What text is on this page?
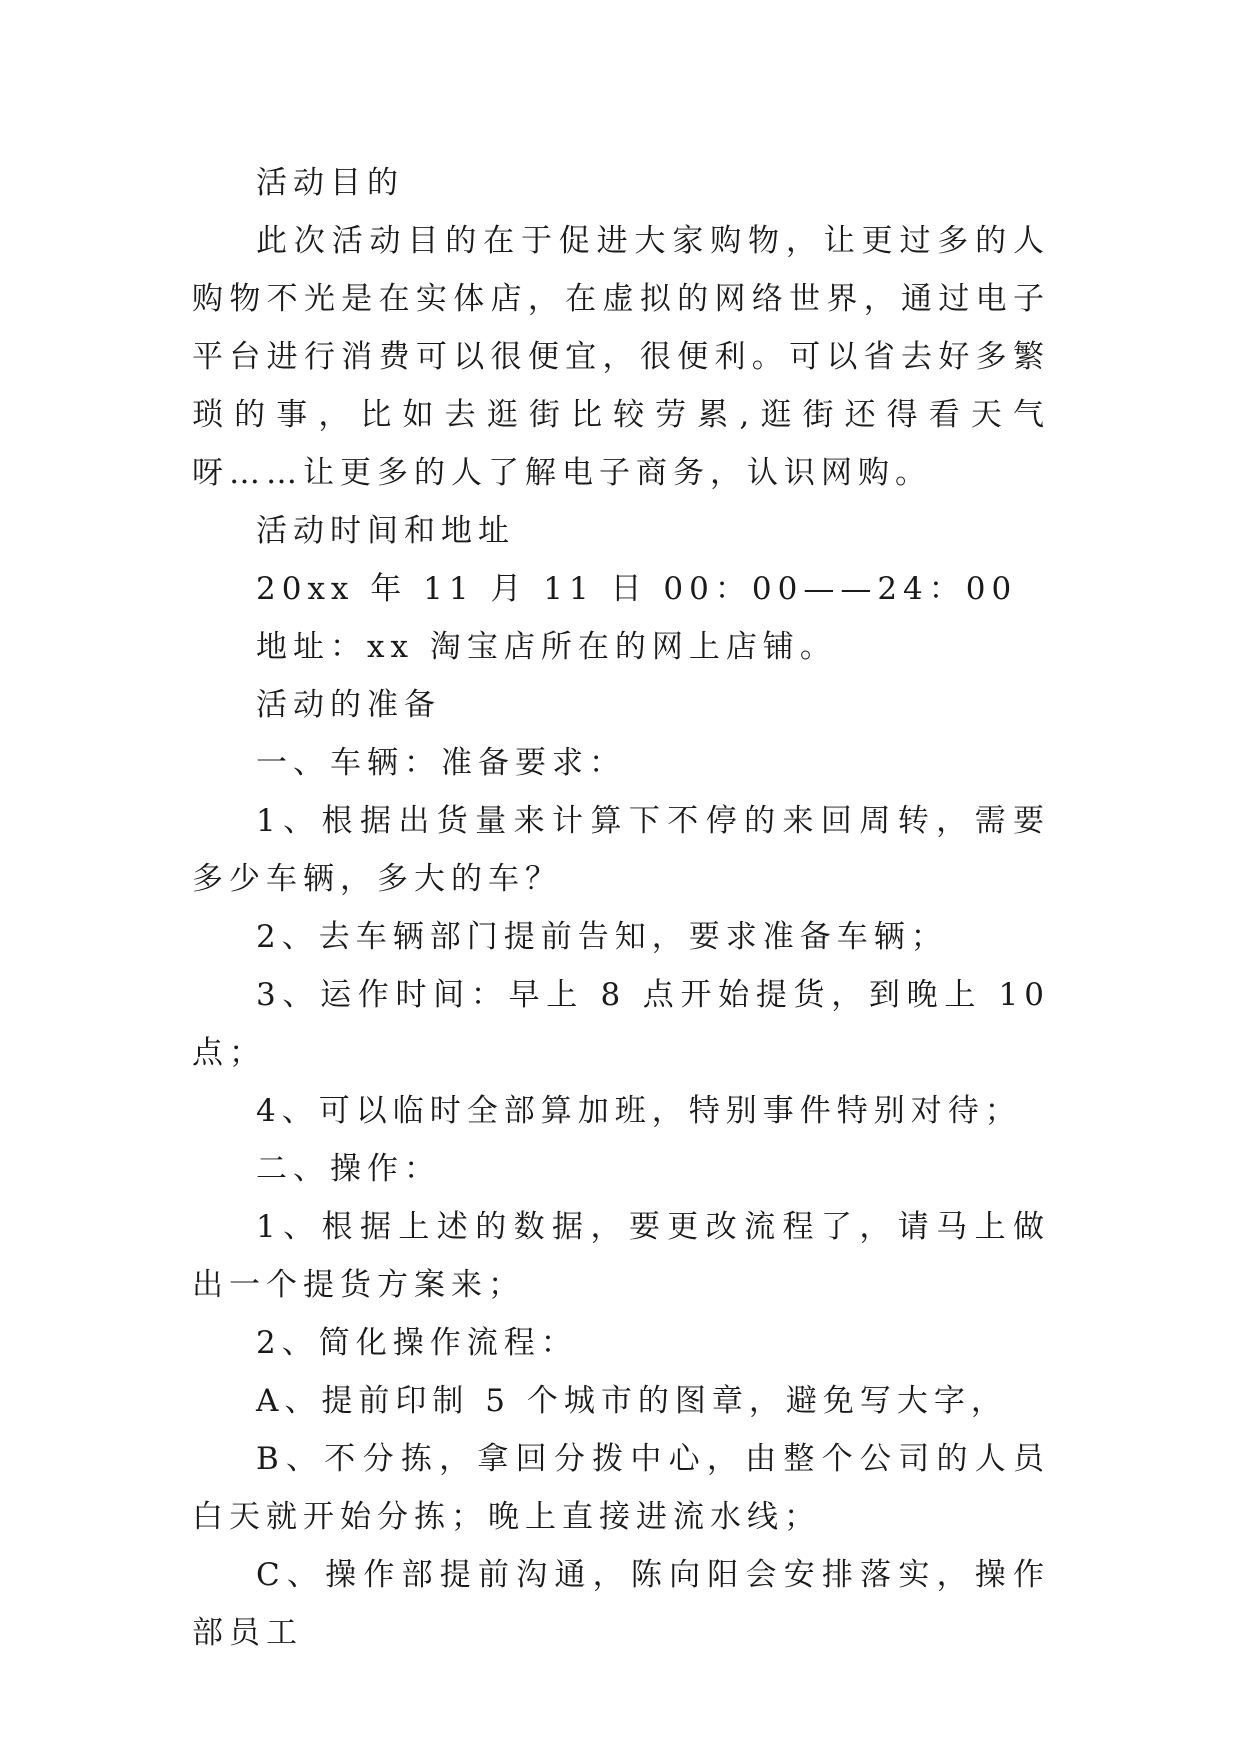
活动目的

此次活动目的在于促进大家购物，让更过多的人购物不光是在实体店，在虚拟的网络世界，通过电子平台进行消费可以很便宜，很便利。可以省去好多繁琐的事，比如去逛街比较劳累,逛街还得看天气呀……让更多的人了解电子商务，认识网购。

活动时间和地址

20xx 年 11 月 11 日 00：00——24：00

地址：xx 淘宝店所在的网上店铺。

活动的准备

一、车辆：准备要求：

1、根据出货量来计算下不停的来回周转，需要多少车辆，多大的车？

2、去车辆部门提前告知，要求准备车辆；

3、运作时间：早上 8 点开始提货，到晚上 10 点；

4、可以临时全部算加班，特别事件特别对待；

二、操作：

1、根据上述的数据，要更改流程了，请马上做出一个提货方案来；

2、简化操作流程：

A、提前印制 5 个城市的图章，避免写大字，

B、不分拣，拿回分拨中心，由整个公司的人员白天就开始分拣；晚上直接进流水线；

C、操作部提前沟通，陈向阳会安排落实，操作部员工
